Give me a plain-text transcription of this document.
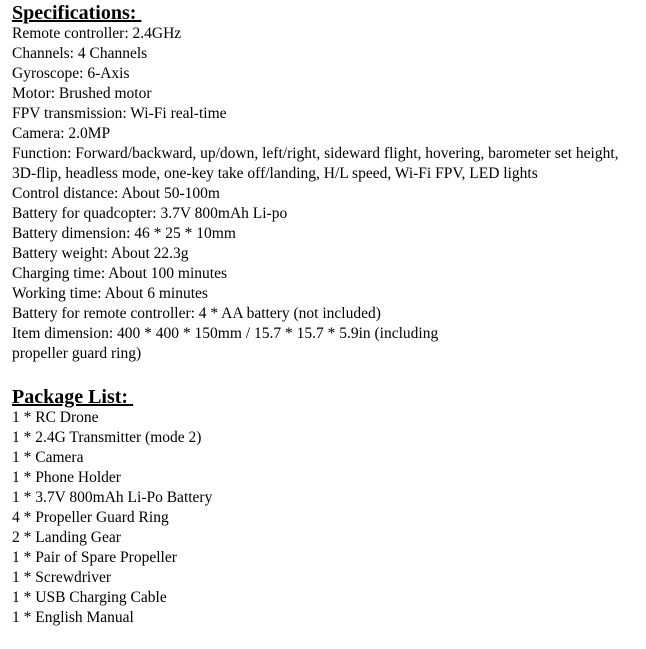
Specifications:
Remote controller: 2.4GHz
Channels: 4 Channels
Gyroscope: 6-Axis
Motor: Brushed motor
FPV transmission: Wi-Fi real-time
Camera: 2.0MP
Function: Forward/backward, up/down, left/right, sideward flight, hovering, barometer set height, 3D-flip, headless mode, one-key take off/landing, H/L speed, Wi-Fi FPV, LED lights
Control distance: About 50-100m
Battery for quadcopter: 3.7V 800mAh Li-po
Battery dimension: 46 * 25 * 10mm
Battery weight: About 22.3g
Charging time: About 100 minutes
Working time: About 6 minutes
Battery for remote controller: 4 * AA battery (not included)
Item dimension: 400 * 400 * 150mm / 15.7 * 15.7 * 5.9in (including
propeller guard ring)
Package List:
1 * RC Drone
1 * 2.4G Transmitter (mode 2)
1 * Camera
1 * Phone Holder
1 * 3.7V 800mAh Li-Po Battery
4 * Propeller Guard Ring
2 * Landing Gear
1 * Pair of Spare Propeller
1 * Screwdriver
1 * USB Charging Cable
1 * English Manual
